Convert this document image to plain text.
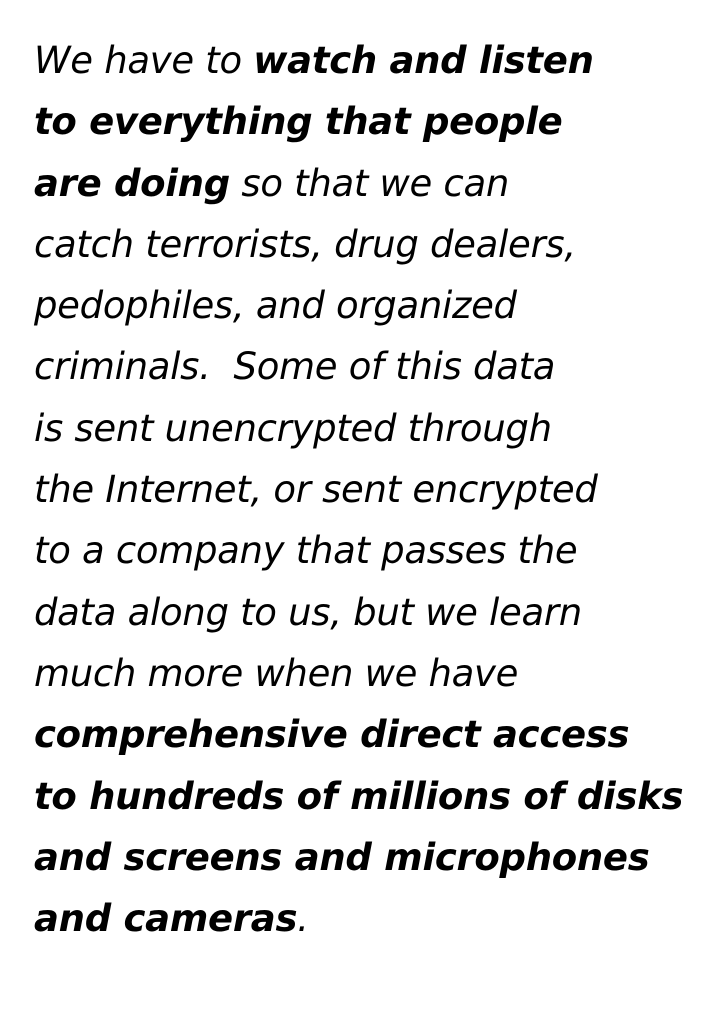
We have to watch and listen
to everything that people
are doing so that we can
catch terrorists, drug dealers,
pedophiles, and organized
criminals.  Some of this data
is sent unencrypted through
the Internet, or sent encrypted
to a company that passes the
data along to us, but we learn
much more when we have
comprehensive direct access
to hundreds of millions of disks
and screens and microphones
and cameras.
